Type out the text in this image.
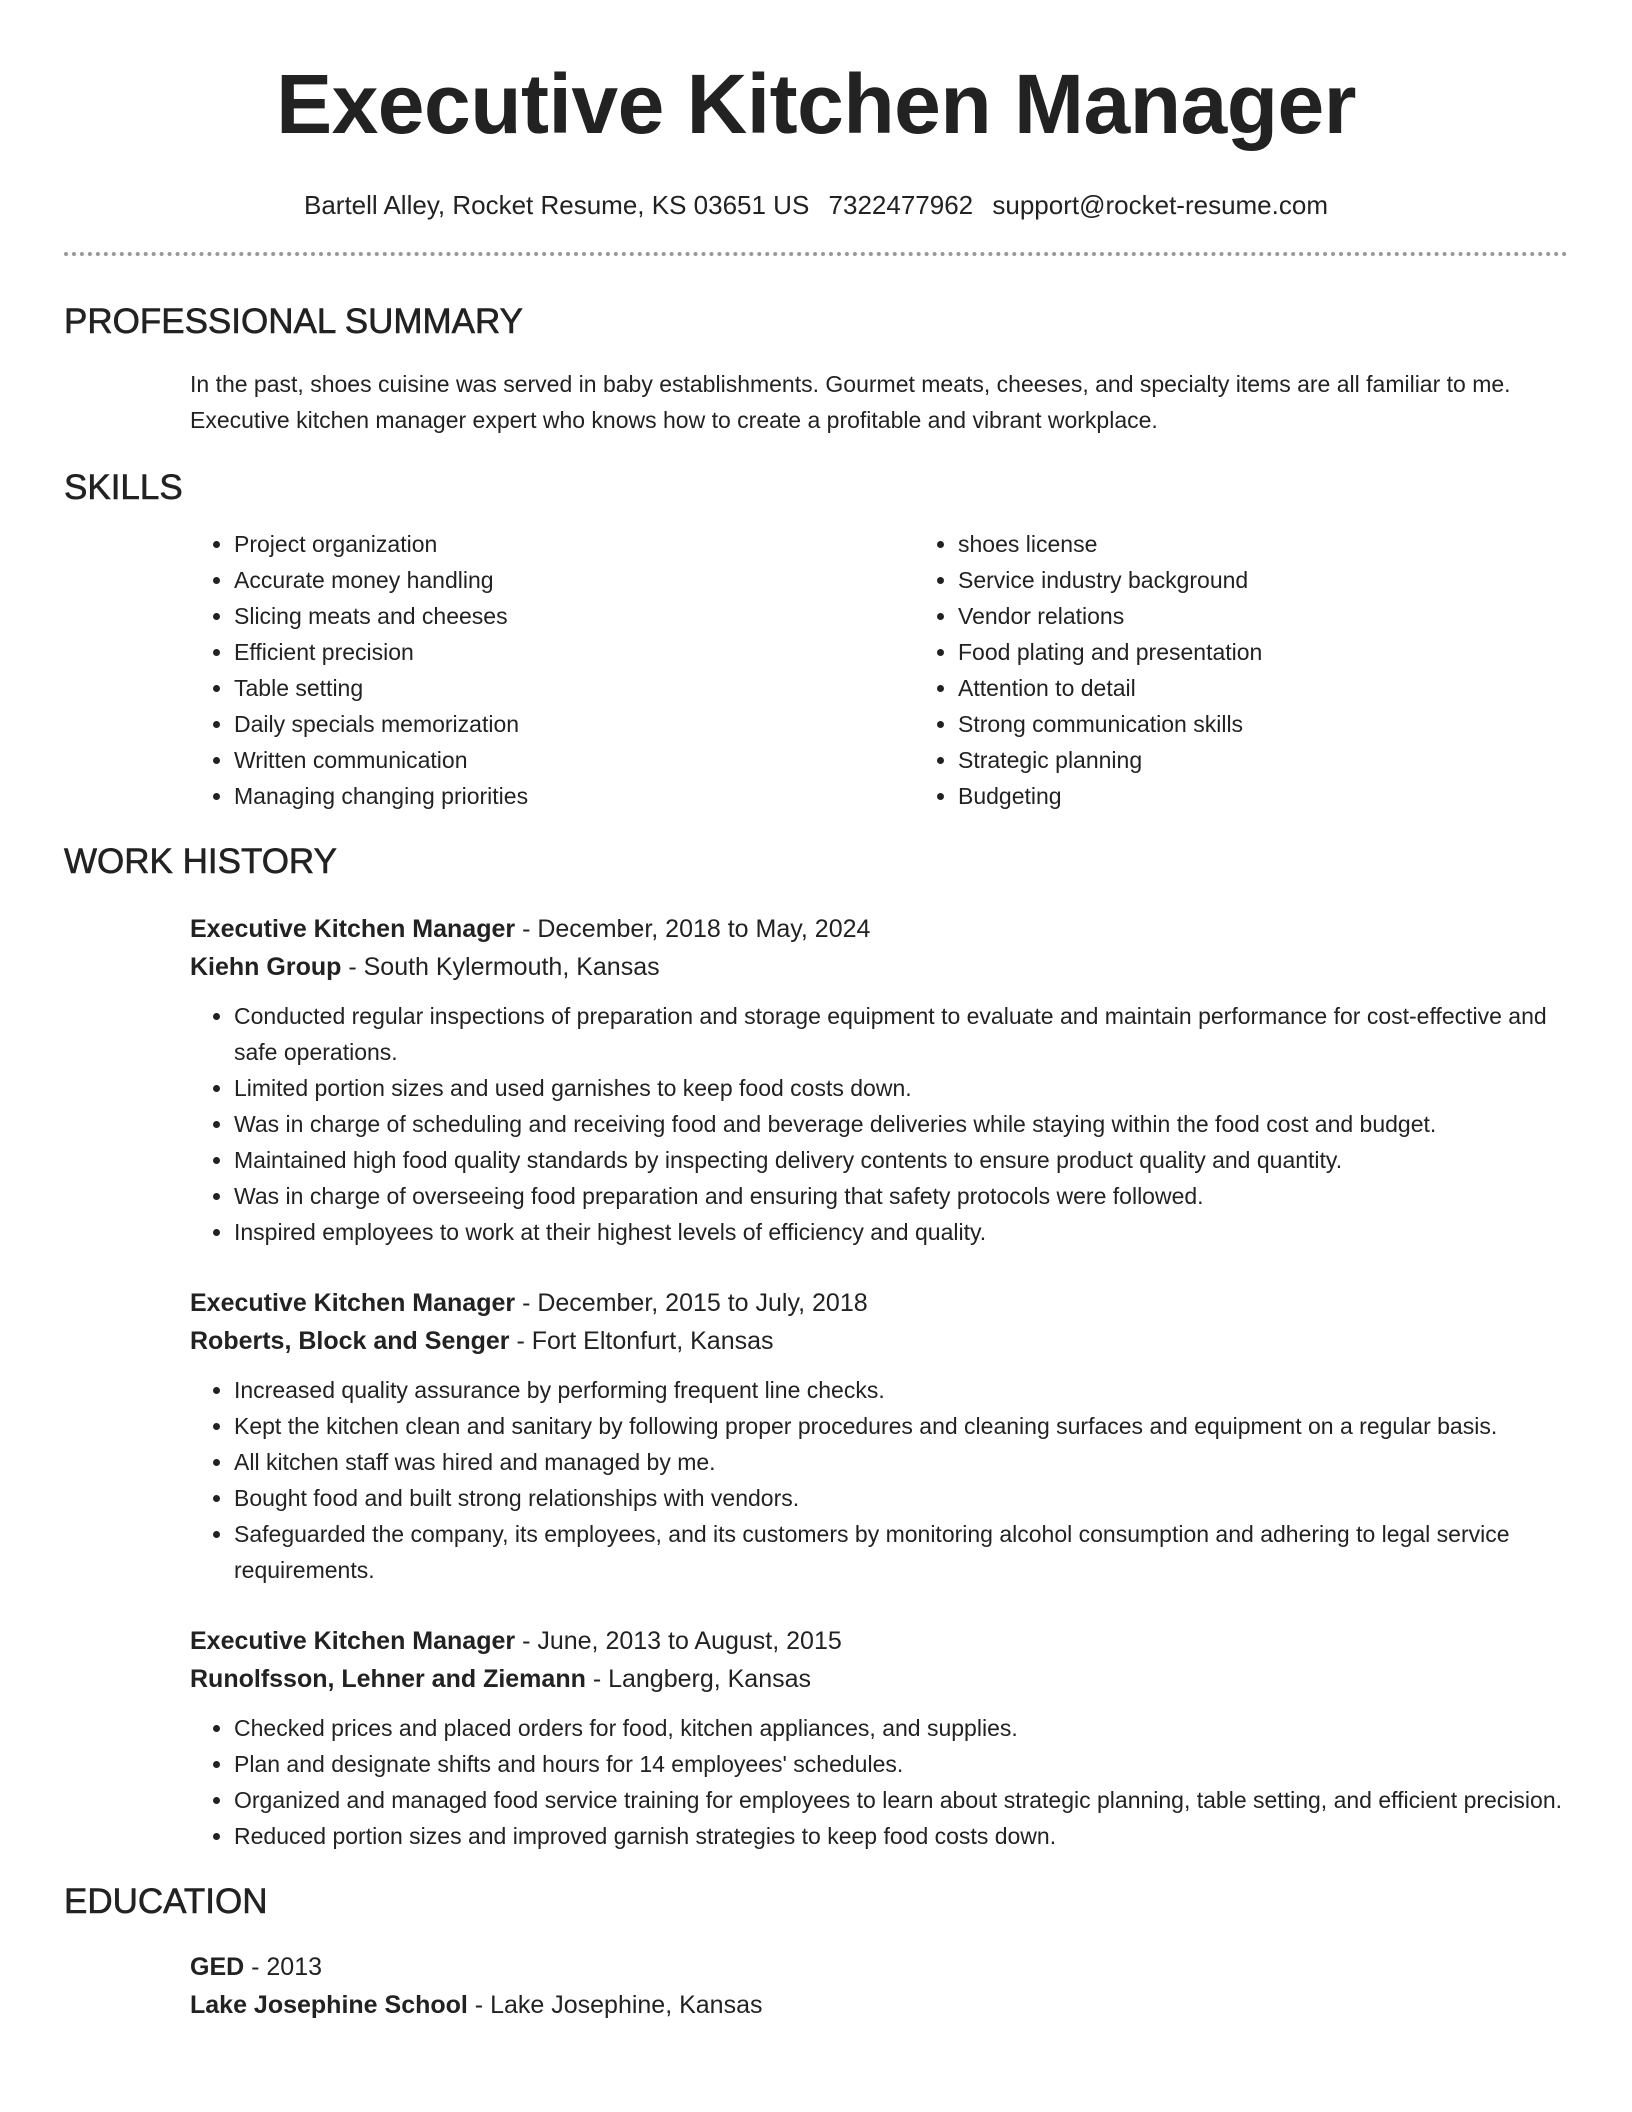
Executive Kitchen Manager
Bartell Alley, Rocket Resume, KS 03651 US 7322477962 support@rocket-resume.com
PROFESSIONAL SUMMARY
In the past, shoes cuisine was served in baby establishments. Gourmet meats, cheeses, and specialty items are all familiar to me. Executive kitchen manager expert who knows how to create a profitable and vibrant workplace.
SKILLS
• Project organization
• Accurate money handling
• Slicing meats and cheeses
• Efficient precision
• Table setting
• Daily specials memorization
• Written communication
• Managing changing priorities
• shoes license
• Service industry background
• Vendor relations
• Food plating and presentation
• Attention to detail
• Strong communication skills
• Strategic planning
• Budgeting
WORK HISTORY
Executive Kitchen Manager - December, 2018 to May, 2024
Kiehn Group - South Kylermouth, Kansas
• Conducted regular inspections of preparation and storage equipment to evaluate and maintain performance for cost-effective and safe operations.
• Limited portion sizes and used garnishes to keep food costs down.
• Was in charge of scheduling and receiving food and beverage deliveries while staying within the food cost and budget.
• Maintained high food quality standards by inspecting delivery contents to ensure product quality and quantity.
• Was in charge of overseeing food preparation and ensuring that safety protocols were followed.
• Inspired employees to work at their highest levels of efficiency and quality.
Executive Kitchen Manager - December, 2015 to July, 2018
Roberts, Block and Senger - Fort Eltonfurt, Kansas
• Increased quality assurance by performing frequent line checks.
• Kept the kitchen clean and sanitary by following proper procedures and cleaning surfaces and equipment on a regular basis.
• All kitchen staff was hired and managed by me.
• Bought food and built strong relationships with vendors.
• Safeguarded the company, its employees, and its customers by monitoring alcohol consumption and adhering to legal service requirements.
Executive Kitchen Manager - June, 2013 to August, 2015
Runolfsson, Lehner and Ziemann - Langberg, Kansas
• Checked prices and placed orders for food, kitchen appliances, and supplies.
• Plan and designate shifts and hours for 14 employees' schedules.
• Organized and managed food service training for employees to learn about strategic planning, table setting, and efficient precision.
• Reduced portion sizes and improved garnish strategies to keep food costs down.
EDUCATION
GED - 2013
Lake Josephine School - Lake Josephine, Kansas
